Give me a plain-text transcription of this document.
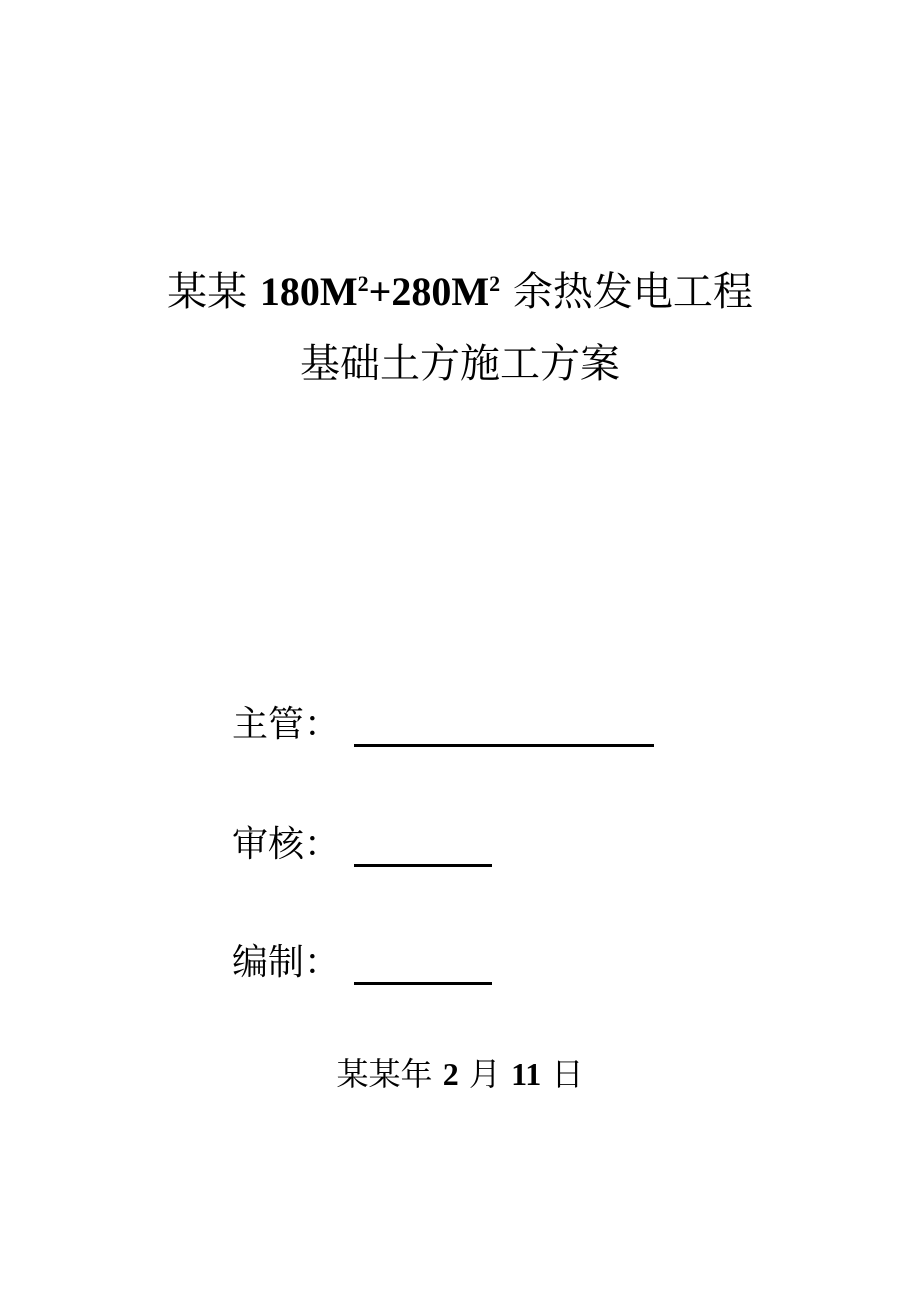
某某 $180M^2+280M^2$ 余热发电工程
基础土方施工方案
主管：
审核：
编制：
某某年 2 月 11 日
